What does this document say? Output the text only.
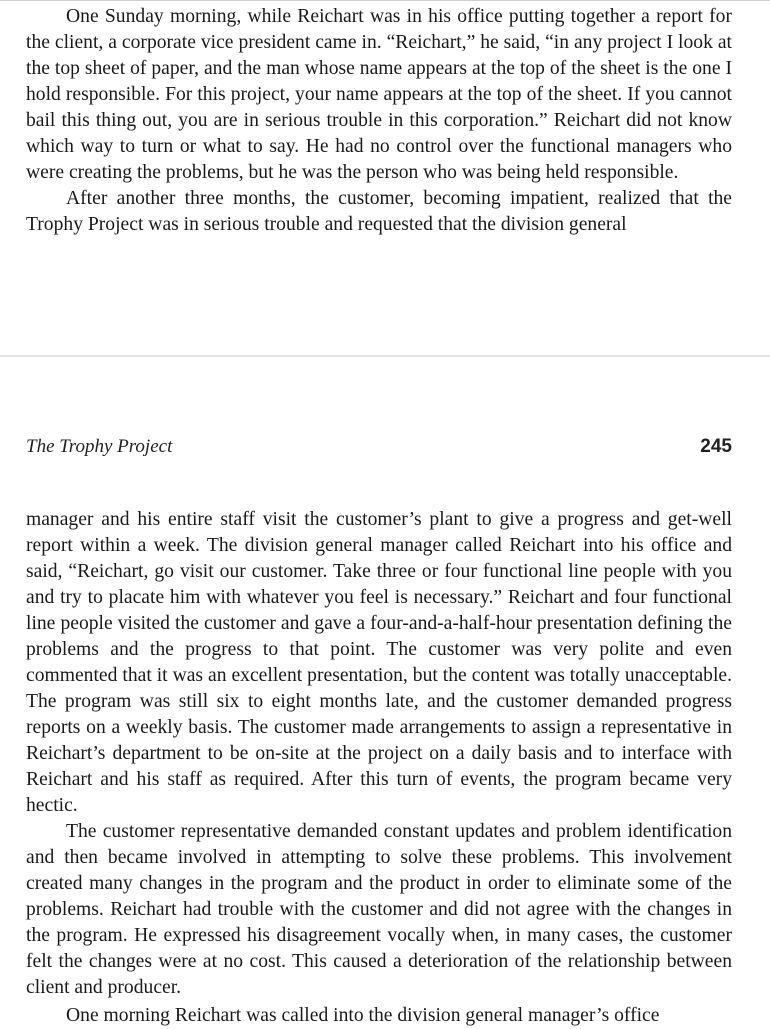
One Sunday morning, while Reichart was in his office putting together a report for the client, a corporate vice president came in. “Reichart,” he said, “in any project I look at the top sheet of paper, and the man whose name appears at the top of the sheet is the one I hold responsible. For this project, your name appears at the top of the sheet. If you cannot bail this thing out, you are in serious trouble in this corporation.” Reichart did not know which way to turn or what to say. He had no control over the functional managers who were creating the problems, but he was the person who was being held responsible.

After another three months, the customer, becoming impatient, realized that the Trophy Project was in serious trouble and requested that the division general

The Trophy Project	245

manager and his entire staff visit the customer’s plant to give a progress and get-well report within a week. The division general manager called Reichart into his office and said, “Reichart, go visit our customer. Take three or four functional line people with you and try to placate him with whatever you feel is necessary.” Reichart and four functional line people visited the customer and gave a four-and-a-half-hour presentation defining the problems and the progress to that point. The customer was very polite and even commented that it was an excellent presentation, but the content was totally unacceptable. The program was still six to eight months late, and the customer demanded progress reports on a weekly basis. The customer made arrangements to assign a representative in Reichart’s department to be on-site at the project on a daily basis and to interface with Reichart and his staff as required. After this turn of events, the program became very hectic.

The customer representative demanded constant updates and problem identification and then became involved in attempting to solve these problems. This involvement created many changes in the program and the product in order to eliminate some of the problems. Reichart had trouble with the customer and did not agree with the changes in the program. He expressed his disagreement vocally when, in many cases, the customer felt the changes were at no cost. This caused a deterioration of the relationship between client and producer.

One morning Reichart was called into the division general manager’s office
